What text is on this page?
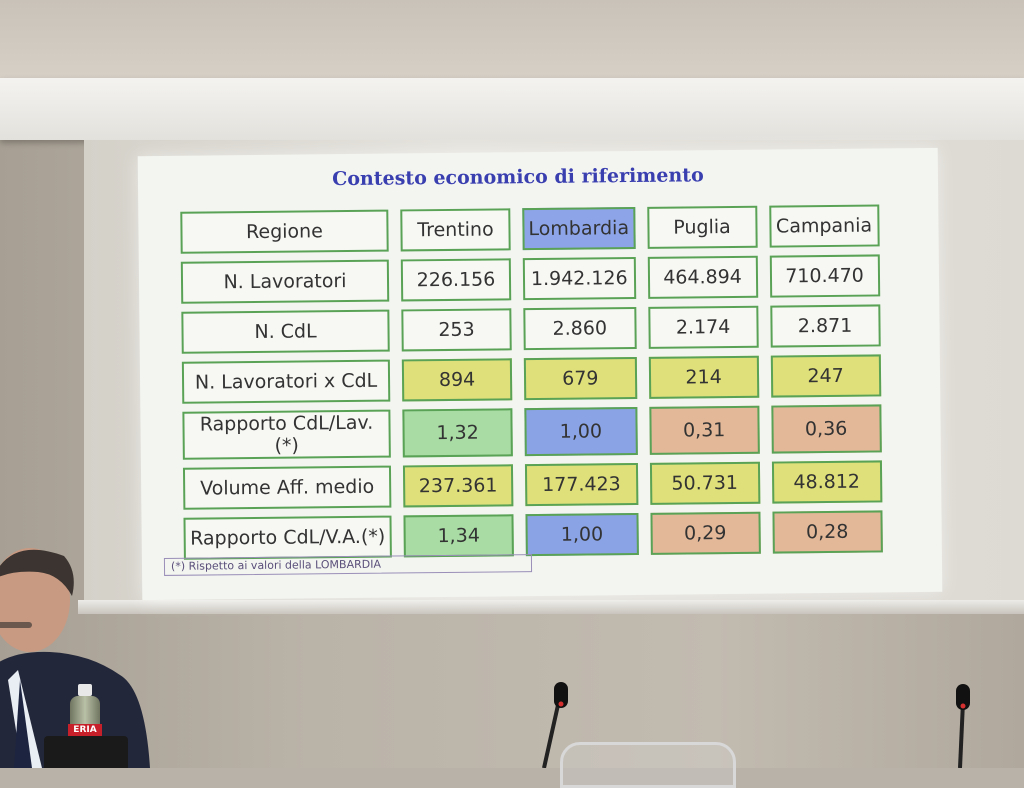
Contesto economico di riferimento
Regione	Trentino	Lombardia	Puglia	Campania
N. Lavoratori	226.156	1.942.126	464.894	710.470
N. CdL	253	2.860	2.174	2.871
N. Lavoratori x CdL	894	679	214	247
Rapporto CdL/Lav.(*)	1,32	1,00	0,31	0,36
Volume Aff. medio	237.361	177.423	50.731	48.812
Rapporto CdL/V.A.(*)	1,34	1,00	0,29	0,28
(*) Rispetto ai valori della LOMBARDIA
ERIA
